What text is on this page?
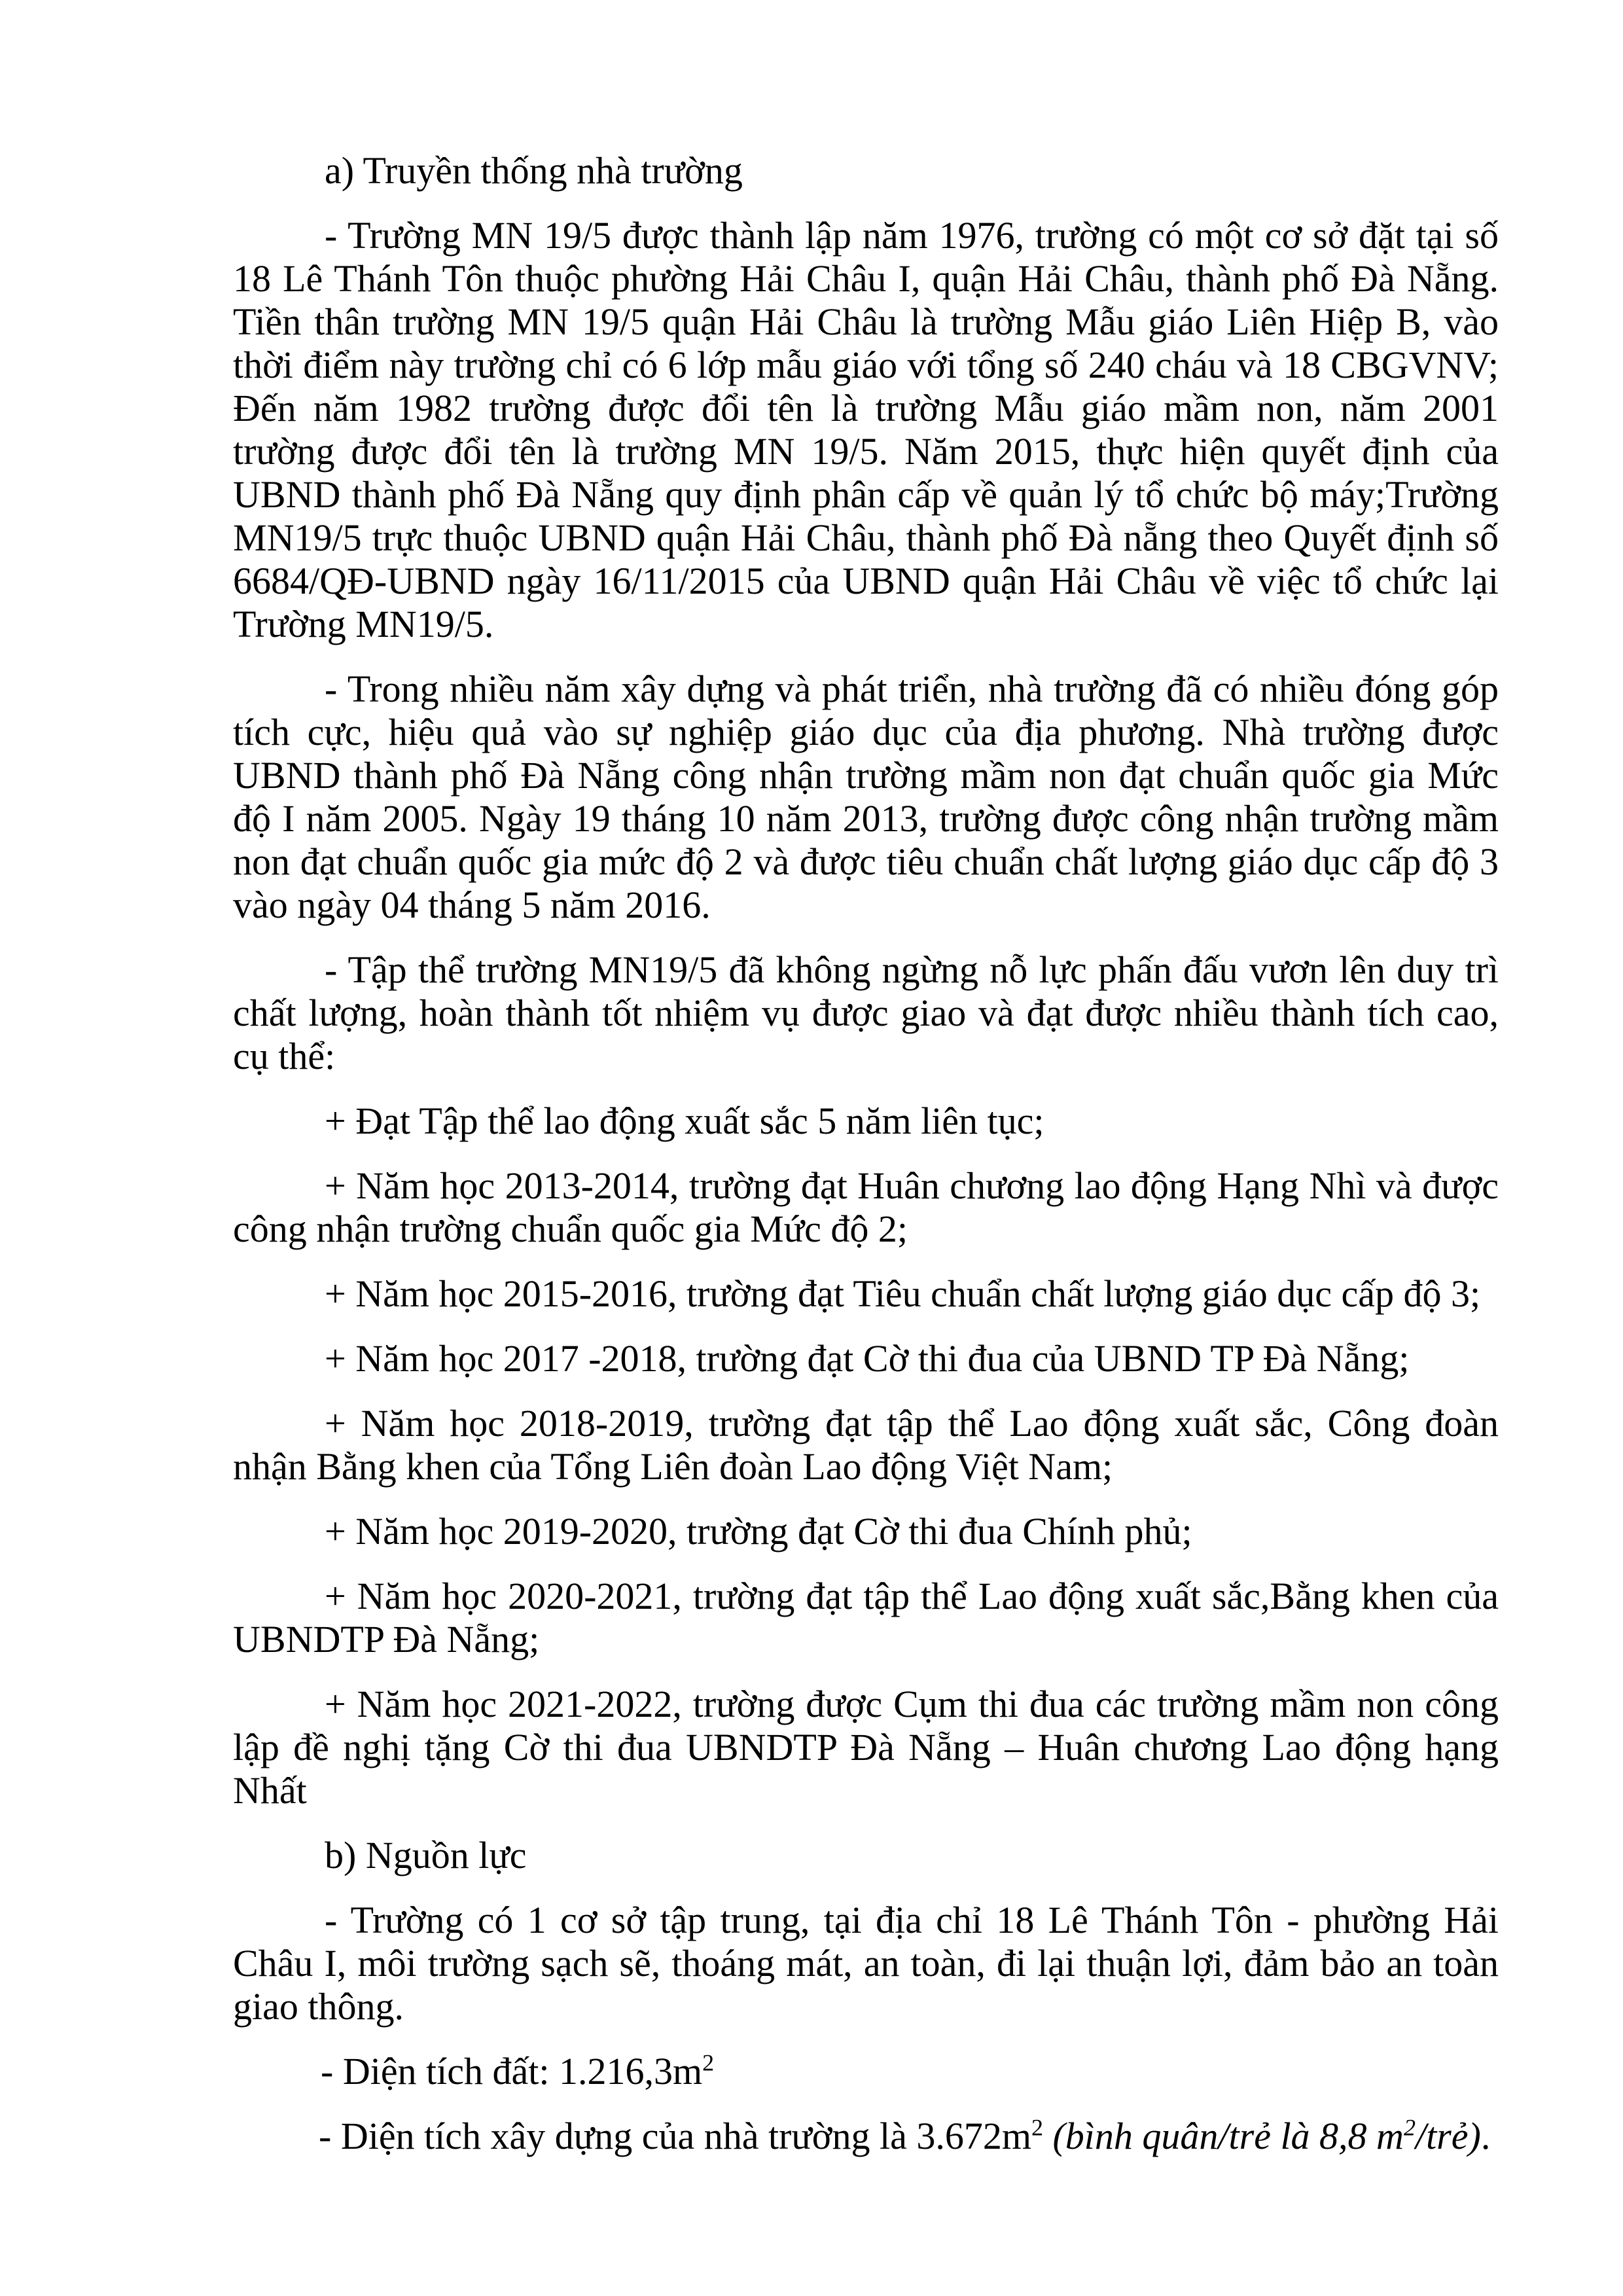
a) Truyền thống nhà trường
- Trường MN 19/5 được thành lập năm 1976, trường có một cơ sở đặt tại số 18 Lê Thánh Tôn thuộc phường Hải Châu I, quận Hải Châu, thành phố Đà Nẵng. Tiền thân trường MN 19/5 quận Hải Châu là trường Mẫu giáo Liên Hiệp B, vào thời điểm này trường chỉ có 6 lớp mẫu giáo với tổng số 240 cháu và 18 CBGVNV; Đến năm 1982 trường được đổi tên là trường Mẫu giáo mầm non, năm 2001 trường được đổi tên là trường MN 19/5. Năm 2015, thực hiện quyết định của UBND thành phố Đà Nẵng quy định phân cấp về quản lý tổ chức bộ máy;Trường MN19/5 trực thuộc UBND quận Hải Châu, thành phố Đà nẵng theo Quyết định số 6684/QĐ-UBND ngày 16/11/2015 của UBND quận Hải Châu về việc tổ chức lại Trường MN19/5.
- Trong nhiều năm xây dựng và phát triển, nhà trường đã có nhiều đóng góp tích cực, hiệu quả vào sự nghiệp giáo dục của địa phương. Nhà trường được UBND thành phố Đà Nẵng công nhận trường mầm non đạt chuẩn quốc gia Mức độ I năm 2005. Ngày 19 tháng 10 năm 2013, trường được công nhận trường mầm non đạt chuẩn quốc gia mức độ 2 và được tiêu chuẩn chất lượng giáo dục cấp độ 3 vào ngày 04 tháng 5 năm 2016.
- Tập thể trường MN19/5 đã không ngừng nỗ lực phấn đấu vươn lên duy trì chất lượng, hoàn thành tốt nhiệm vụ được giao và đạt được nhiều thành tích cao, cụ thể:
+ Đạt Tập thể lao động xuất sắc 5 năm liên tục;
+ Năm học 2013-2014, trường đạt Huân chương lao động Hạng Nhì và được công nhận trường chuẩn quốc gia Mức độ 2;
+ Năm học 2015-2016, trường đạt Tiêu chuẩn chất lượng giáo dục cấp độ 3;
+ Năm học 2017 -2018, trường đạt Cờ thi đua của UBND TP Đà Nẵng;
+ Năm học 2018-2019, trường đạt tập thể Lao động xuất sắc, Công đoàn nhận Bằng khen của Tổng Liên đoàn Lao động Việt Nam;
+ Năm học 2019-2020, trường đạt Cờ thi đua Chính phủ;
+ Năm học 2020-2021, trường đạt tập thể Lao động xuất sắc,Bằng khen của UBNDTP Đà Nẵng;
+ Năm học 2021-2022, trường được Cụm thi đua các trường mầm non công lập đề nghị tặng Cờ thi đua UBNDTP Đà Nẵng – Huân chương Lao động hạng Nhất
b) Nguồn lực
- Trường có 1 cơ sở tập trung, tại địa chỉ 18 Lê Thánh Tôn - phường Hải Châu I, môi trường sạch sẽ, thoáng mát, an toàn, đi lại thuận lợi, đảm bảo an toàn giao thông.
- Diện tích đất: $1.216,3m^2$
- Diện tích xây dựng của nhà trường là $3.672m^2$ (bình quân/trẻ là 8,8 $m^2/trẻ$).
